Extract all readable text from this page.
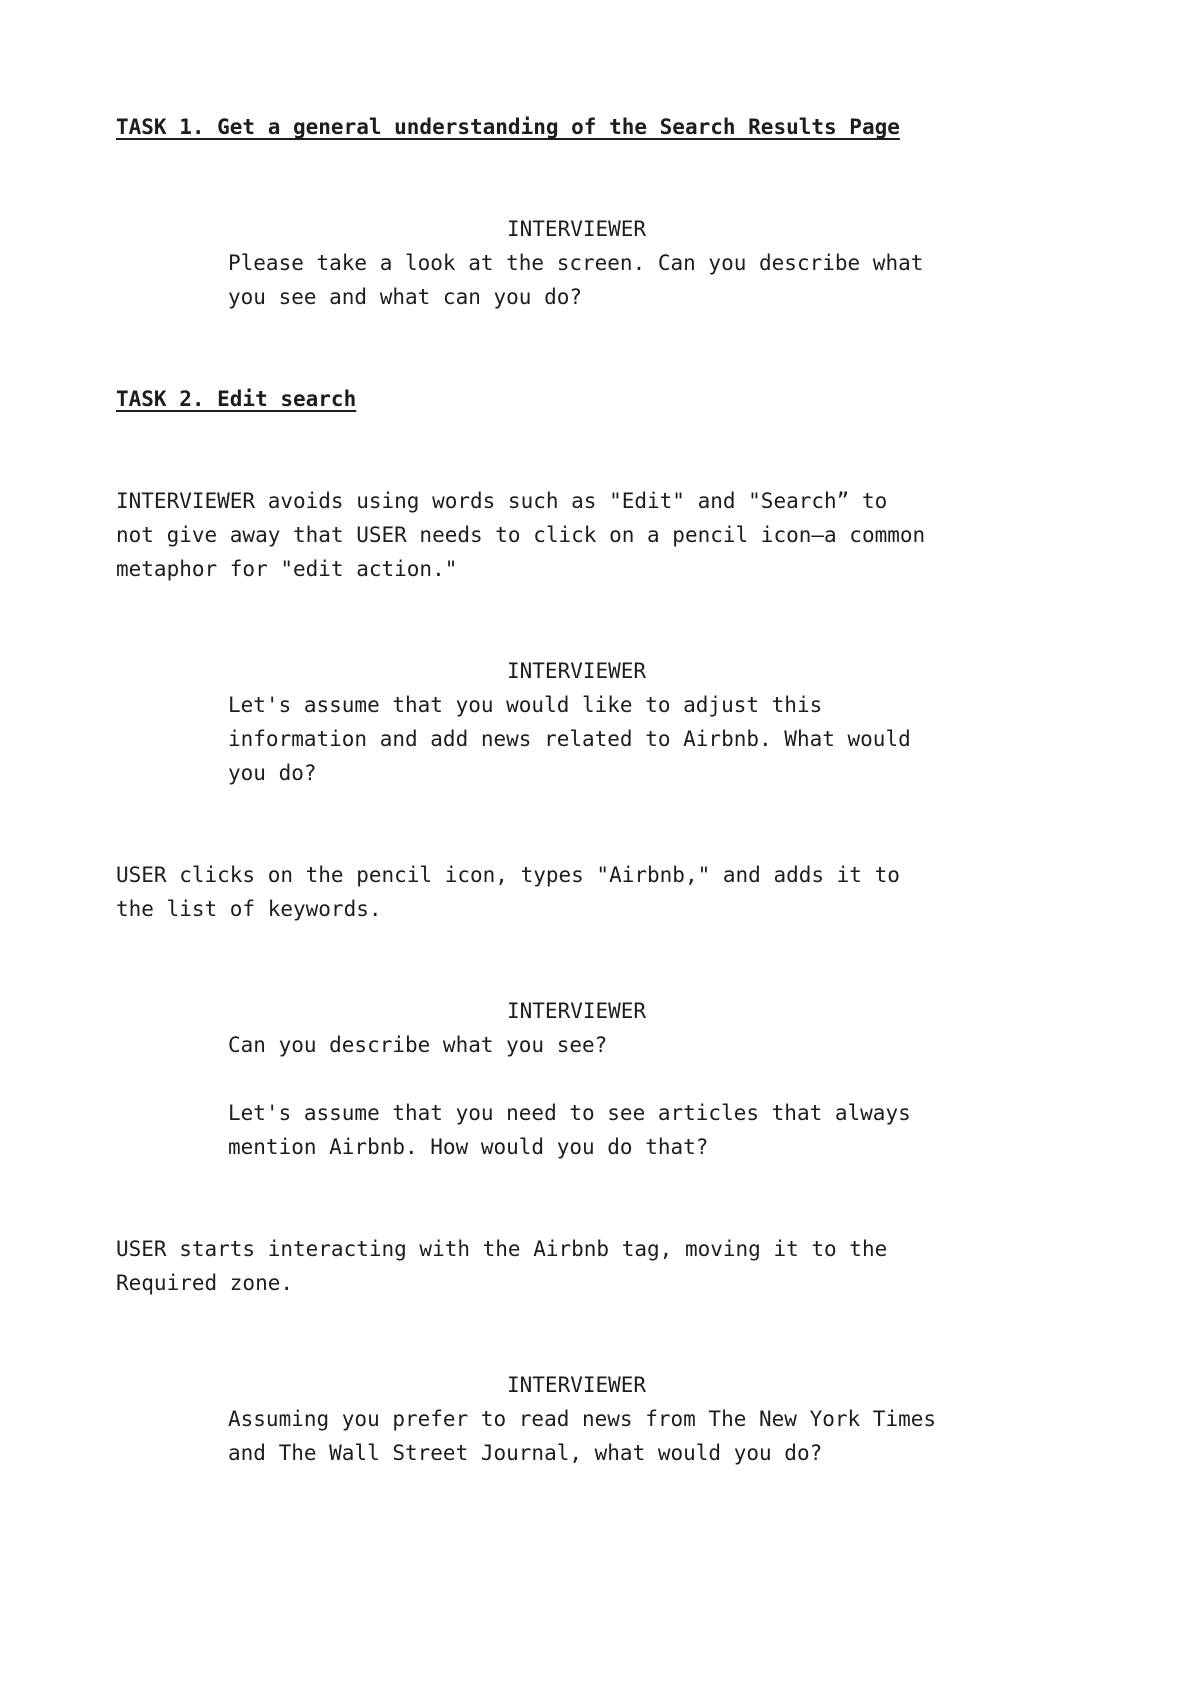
TASK 1. Get a general understanding of the Search Results Page

INTERVIEWER

Please take a look at the screen. Can you describe what
you see and what can you do?

TASK 2. Edit search

INTERVIEWER avoids using words such as "Edit" and "Search” to
not give away that USER needs to click on a pencil icon—a common
metaphor for "edit action."

INTERVIEWER

Let's assume that you would like to adjust this
information and add news related to Airbnb. What would
you do?

USER clicks on the pencil icon, types "Airbnb," and adds it to
the list of keywords.

INTERVIEWER

Can you describe what you see?

Let's assume that you need to see articles that always
mention Airbnb. How would you do that?

USER starts interacting with the Airbnb tag, moving it to the
Required zone.

INTERVIEWER

Assuming you prefer to read news from The New York Times
and The Wall Street Journal, what would you do?
